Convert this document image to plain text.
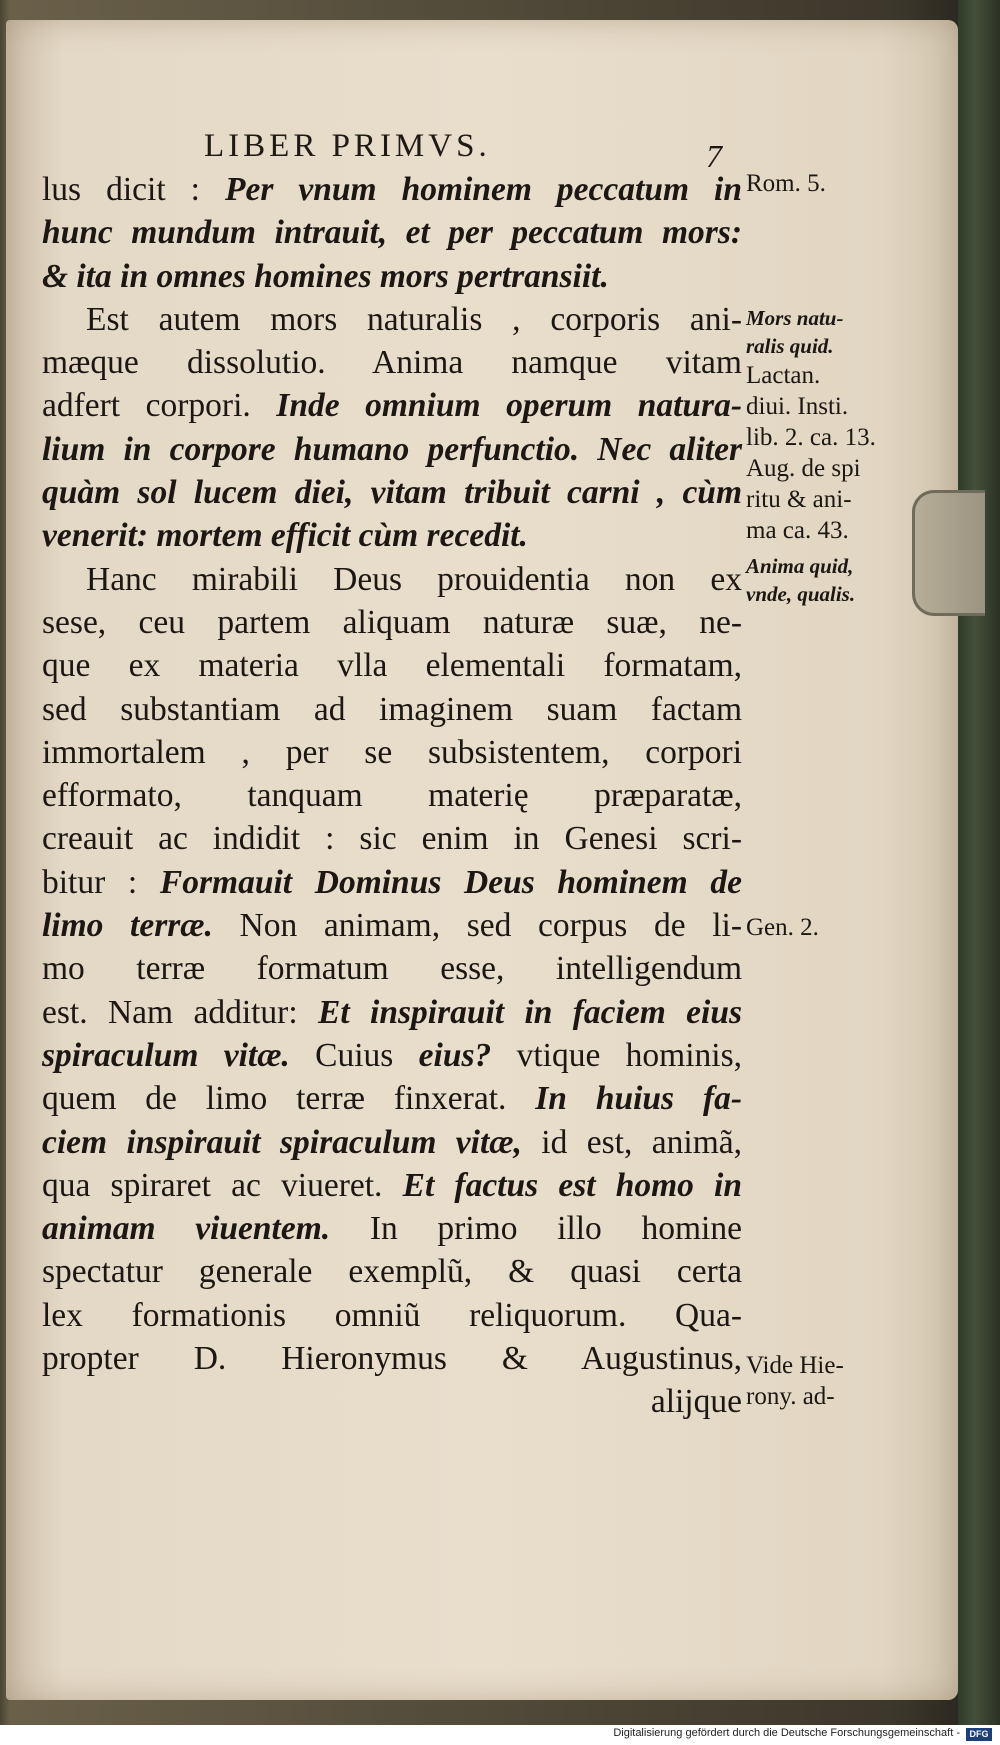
LIBER PRIMVS.	7
lus dicit : Per vnum hominem peccatum in
hunc mundum intrauit, et per peccatum mors:
& ita in omnes homines mors pertransiit.
Est autem mors naturalis , corporis ani-
mæque dissolutio. Anima namque vitam
adfert corpori. Inde omnium operum natura-
lium in corpore humano perfunctio. Nec aliter
quàm sol lucem diei, vitam tribuit carni , cùm
venerit: mortem efficit cùm recedit.
Hanc mirabili Deus prouidentia non ex
sese, ceu partem aliquam naturæ suæ, ne-
que ex materia vlla elementali formatam,
sed substantiam ad imaginem suam factam
immortalem , per se subsistentem, corpori
efformato, tanquam materię præparatæ,
creauit ac indidit : sic enim in Genesi scri-
bitur : Formauit Dominus Deus hominem de
limo terræ. Non animam, sed corpus de li-
mo terræ formatum esse, intelligendum
est. Nam additur: Et inspirauit in faciem eius
spiraculum vitæ. Cuius eius? vtique hominis,
quem de limo terræ finxerat. In huius fa-
ciem inspirauit spiraculum vitæ, id est, animã,
qua spiraret ac viueret. Et factus est homo in
animam viuentem. In primo illo homine
spectatur generale exemplũ, & quasi certa
lex formationis omniũ reliquorum. Qua-
propter D. Hieronymus & Augustinus,
alijque
Rom. 5.
Mors natu-
ralis quid.
Lactan.
diui. Insti.
lib. 2. ca. 13.
Aug. de spi
ritu & ani-
ma ca. 43.
Anima quid,
vnde, qualis.
Gen. 2.
Vide Hie-
rony. ad-
Digitalisierung gefördert durch die Deutsche Forschungsgemeinschaft -	DFG
